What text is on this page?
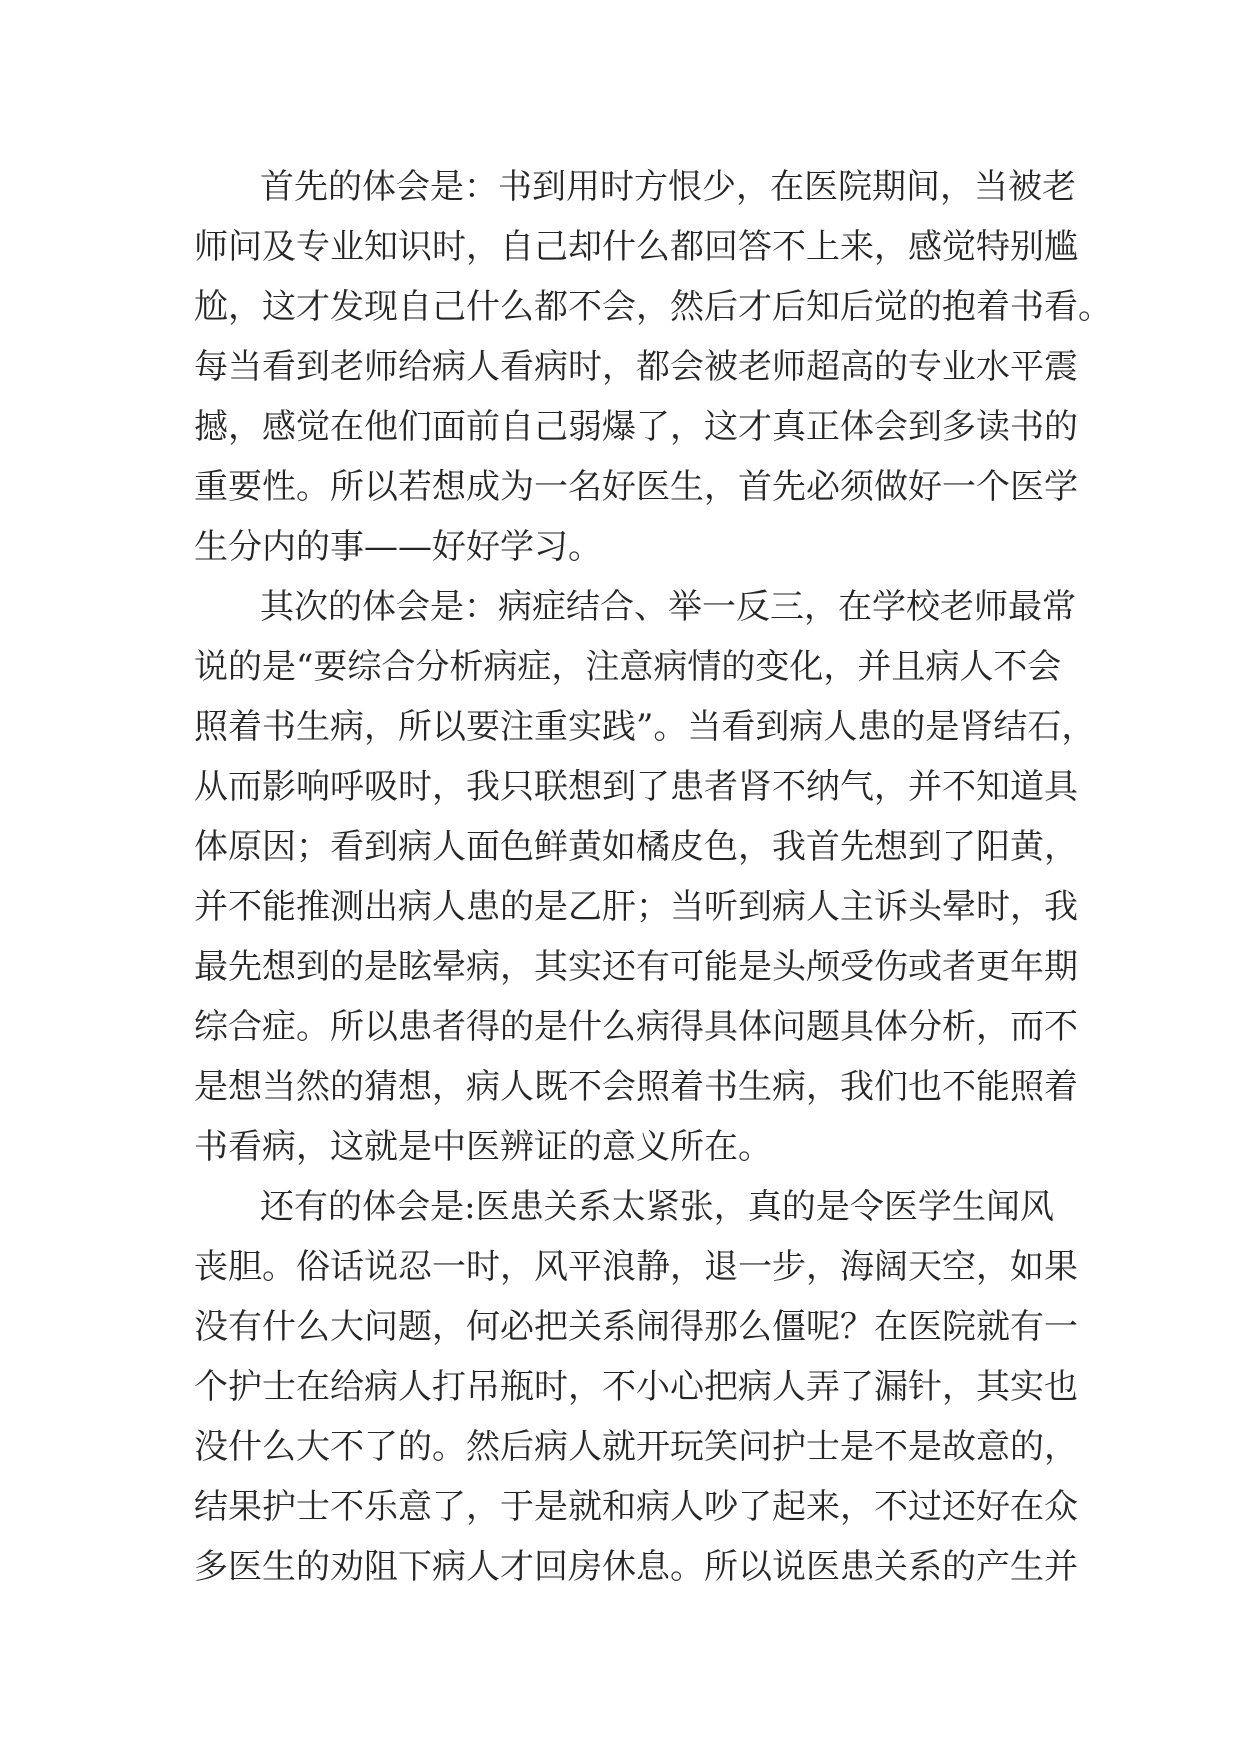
首先的体会是：书到用时方恨少，在医院期间，当被老
师问及专业知识时，自己却什么都回答不上来，感觉特别尴
尬，这才发现自己什么都不会，然后才后知后觉的抱着书看。
每当看到老师给病人看病时，都会被老师超高的专业水平震
撼，感觉在他们面前自己弱爆了，这才真正体会到多读书的
重要性。所以若想成为一名好医生，首先必须做好一个医学
生分内的事——好好学习。
其次的体会是：病症结合、举一反三，在学校老师最常
说的是“要综合分析病症，注意病情的变化，并且病人不会
照着书生病，所以要注重实践”。当看到病人患的是肾结石，
从而影响呼吸时，我只联想到了患者肾不纳气，并不知道具
体原因；看到病人面色鲜黄如橘皮色，我首先想到了阳黄，
并不能推测出病人患的是乙肝；当听到病人主诉头晕时，我
最先想到的是眩晕病，其实还有可能是头颅受伤或者更年期
综合症。所以患者得的是什么病得具体问题具体分析，而不
是想当然的猜想，病人既不会照着书生病，我们也不能照着
书看病，这就是中医辨证的意义所在。
还有的体会是:医患关系太紧张，真的是令医学生闻风
丧胆。俗话说忍一时，风平浪静，退一步，海阔天空，如果
没有什么大问题，何必把关系闹得那么僵呢？在医院就有一
个护士在给病人打吊瓶时，不小心把病人弄了漏针，其实也
没什么大不了的。然后病人就开玩笑问护士是不是故意的，
结果护士不乐意了，于是就和病人吵了起来，不过还好在众
多医生的劝阻下病人才回房休息。所以说医患关系的产生并
